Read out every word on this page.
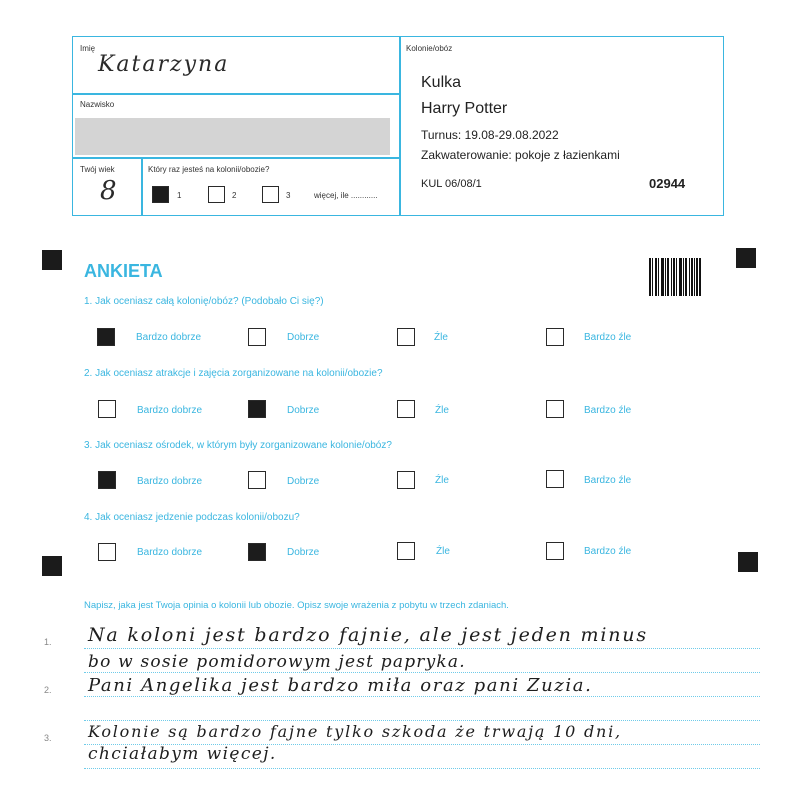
Imię
Katarzyna
Nazwisko
Twój wiek
8
Który raz jesteś na kolonii/obozie?
1	2	3	więcej, ile ............
Kolonie/obóz
Kulka
Harry Potter
Turnus: 19.08-29.08.2022
Zakwaterowanie: pokoje z łazienkami
KUL 06/08/1	02944
ANKIETA
1. Jak oceniasz całą kolonię/obóz? (Podobało Ci się?)
Bardzo dobrze	Dobrze	Źle	Bardzo źle
2. Jak oceniasz atrakcje i zajęcia zorganizowane na kolonii/obozie?
Bardzo dobrze	Dobrze	Źle	Bardzo źle
3. Jak oceniasz ośrodek, w którym były zorganizowane kolonie/obóz?
Bardzo dobrze	Dobrze	Źle	Bardzo źle
4. Jak oceniasz jedzenie podczas kolonii/obozu?
Bardzo dobrze	Dobrze	Źle	Bardzo źle
Napisz, jaka jest Twoja opinia o kolonii lub obozie. Opisz swoje wrażenia z pobytu w trzech zdaniach.
1.
2.
3.
Na koloni jest bardzo fajnie, ale jest jeden minus
bo w sosie pomidorowym jest papryka.
Pani Angelika jest bardzo miła oraz pani Zuzia.
Kolonie są bardzo fajne tylko szkoda że trwają 10 dni,
chciałabym więcej.
